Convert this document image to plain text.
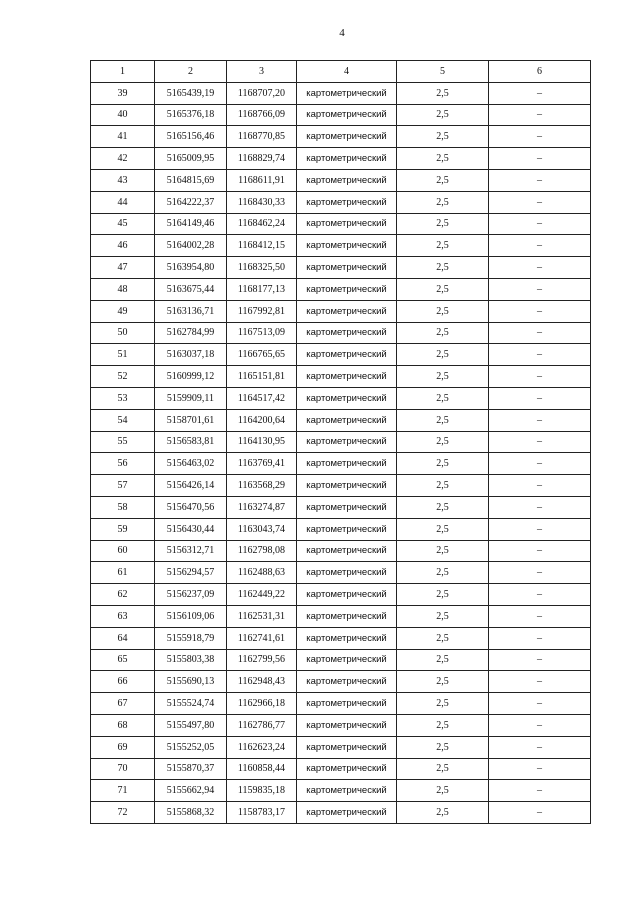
4
1	2	3	4	5	6
39	5165439,19	1168707,20	картометрический	2,5	–
40	5165376,18	1168766,09	картометрический	2,5	–
41	5165156,46	1168770,85	картометрический	2,5	–
42	5165009,95	1168829,74	картометрический	2,5	–
43	5164815,69	1168611,91	картометрический	2,5	–
44	5164222,37	1168430,33	картометрический	2,5	–
45	5164149,46	1168462,24	картометрический	2,5	–
46	5164002,28	1168412,15	картометрический	2,5	–
47	5163954,80	1168325,50	картометрический	2,5	–
48	5163675,44	1168177,13	картометрический	2,5	–
49	5163136,71	1167992,81	картометрический	2,5	–
50	5162784,99	1167513,09	картометрический	2,5	–
51	5163037,18	1166765,65	картометрический	2,5	–
52	5160999,12	1165151,81	картометрический	2,5	–
53	5159909,11	1164517,42	картометрический	2,5	–
54	5158701,61	1164200,64	картометрический	2,5	–
55	5156583,81	1164130,95	картометрический	2,5	–
56	5156463,02	1163769,41	картометрический	2,5	–
57	5156426,14	1163568,29	картометрический	2,5	–
58	5156470,56	1163274,87	картометрический	2,5	–
59	5156430,44	1163043,74	картометрический	2,5	–
60	5156312,71	1162798,08	картометрический	2,5	–
61	5156294,57	1162488,63	картометрический	2,5	–
62	5156237,09	1162449,22	картометрический	2,5	–
63	5156109,06	1162531,31	картометрический	2,5	–
64	5155918,79	1162741,61	картометрический	2,5	–
65	5155803,38	1162799,56	картометрический	2,5	–
66	5155690,13	1162948,43	картометрический	2,5	–
67	5155524,74	1162966,18	картометрический	2,5	–
68	5155497,80	1162786,77	картометрический	2,5	–
69	5155252,05	1162623,24	картометрический	2,5	–
70	5155870,37	1160858,44	картометрический	2,5	–
71	5155662,94	1159835,18	картометрический	2,5	–
72	5155868,32	1158783,17	картометрический	2,5	–
